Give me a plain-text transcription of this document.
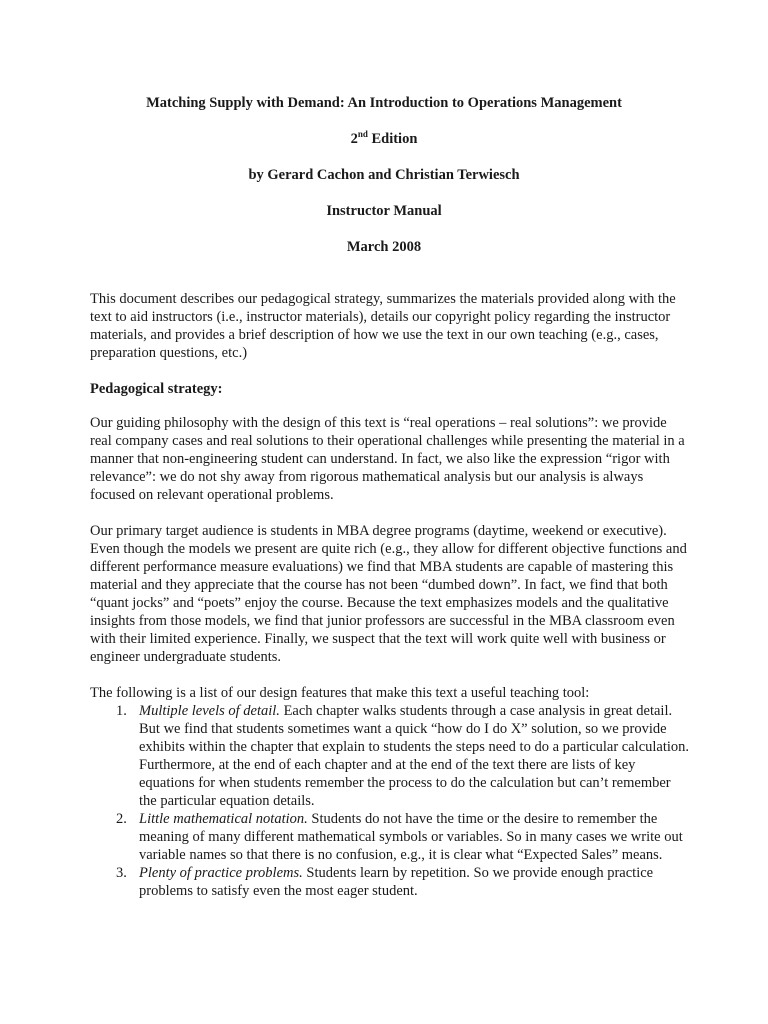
Matching Supply with Demand: An Introduction to Operations Management
2nd Edition
by Gerard Cachon and Christian Terwiesch
Instructor Manual
March 2008
This document describes our pedagogical strategy, summarizes the materials provided along with the text to aid instructors (i.e., instructor materials), details our copyright policy regarding the instructor materials, and provides a brief description of how we use the text in our own teaching (e.g., cases, preparation questions, etc.)
Pedagogical strategy:
Our guiding philosophy with the design of this text is “real operations – real solutions”: we provide real company cases and real solutions to their operational challenges while presenting the material in a manner that non-engineering student can understand. In fact, we also like the expression “rigor with relevance”: we do not shy away from rigorous mathematical analysis but our analysis is always focused on relevant operational problems.
Our primary target audience is students in MBA degree programs (daytime, weekend or executive). Even though the models we present are quite rich (e.g., they allow for different objective functions and different performance measure evaluations) we find that MBA students are capable of mastering this material and they appreciate that the course has not been “dumbed down”. In fact, we find that both “quant jocks” and “poets” enjoy the course. Because the text emphasizes models and the qualitative insights from those models, we find that junior professors are successful in the MBA classroom even with their limited experience. Finally, we suspect that the text will work quite well with business or engineer undergraduate students.
The following is a list of our design features that make this text a useful teaching tool:
1. Multiple levels of detail. Each chapter walks students through a case analysis in great detail. But we find that students sometimes want a quick “how do I do X” solution, so we provide exhibits within the chapter that explain to students the steps need to do a particular calculation. Furthermore, at the end of each chapter and at the end of the text there are lists of key equations for when students remember the process to do the calculation but can’t remember the particular equation details.
2. Little mathematical notation. Students do not have the time or the desire to remember the meaning of many different mathematical symbols or variables. So in many cases we write out variable names so that there is no confusion, e.g., it is clear what “Expected Sales” means.
3. Plenty of practice problems. Students learn by repetition. So we provide enough practice problems to satisfy even the most eager student.
